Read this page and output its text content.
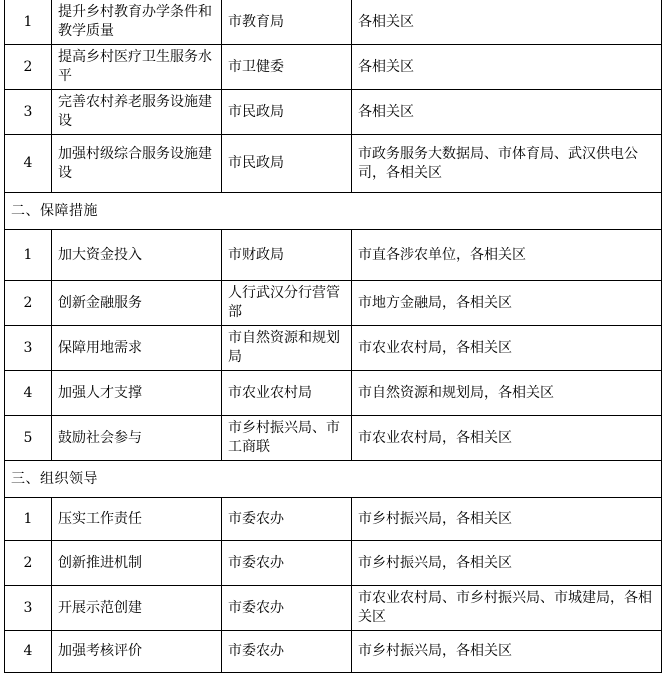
1	提升乡村教育办学条件和教学质量	市教育局	各相关区
2	提高乡村医疗卫生服务水平	市卫健委	各相关区
3	完善农村养老服务设施建设	市民政局	各相关区
4	加强村级综合服务设施建设	市民政局	市政务服务大数据局、市体育局、武汉供电公司，各相关区
二、保障措施			
1	加大资金投入	市财政局	市直各涉农单位，各相关区
2	创新金融服务	人行武汉分行营管部	市地方金融局，各相关区
3	保障用地需求	市自然资源和规划局	市农业农村局，各相关区
4	加强人才支撑	市农业农村局	市自然资源和规划局，各相关区
5	鼓励社会参与	市乡村振兴局、市工商联	市农业农村局，各相关区
三、组织领导			
1	压实工作责任	市委农办	市乡村振兴局，各相关区
2	创新推进机制	市委农办	市乡村振兴局，各相关区
3	开展示范创建	市委农办	市农业农村局、市乡村振兴局、市城建局，各相关区
4	加强考核评价	市委农办	市乡村振兴局，各相关区
